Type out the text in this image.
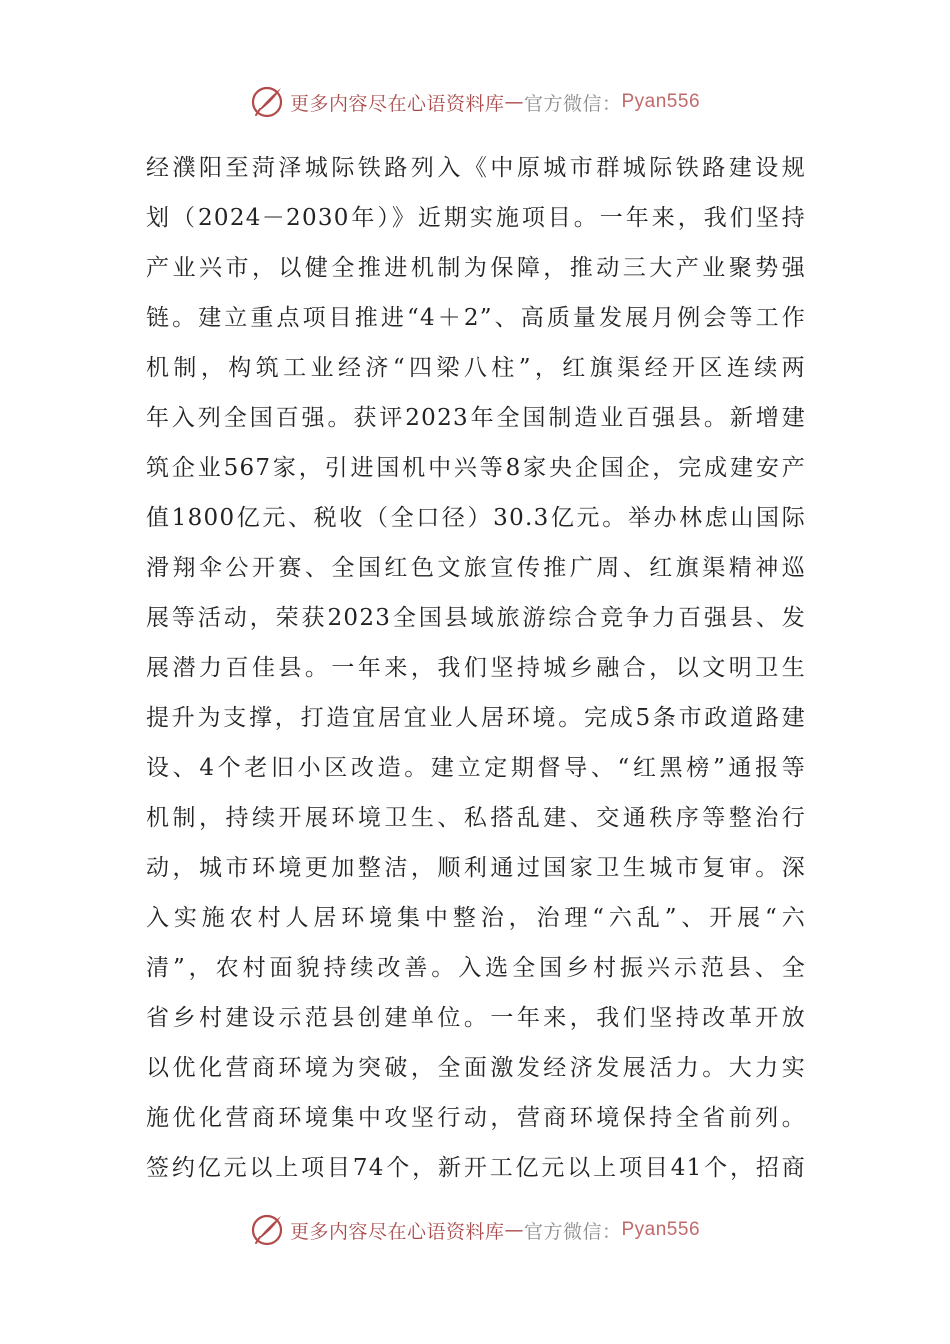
更多内容尽在心语资料库 — 官方微信： Pyan556
经濮阳至菏泽城际铁路列入《中原城市群城际铁路建设规
划（2024－2030年）》近期实施项目。一年来，我们坚持
产业兴市，以健全推进机制为保障，推动三大产业聚势强
链。建立重点项目推进“4＋2”、高质量发展月例会等工作
机制，构筑工业经济“四梁八柱”，红旗渠经开区连续两
年入列全国百强。获评2023年全国制造业百强县。新增建
筑企业567家，引进国机中兴等8家央企国企，完成建安产
值1800亿元、税收（全口径）30.3亿元。举办林虑山国际
滑翔伞公开赛、全国红色文旅宣传推广周、红旗渠精神巡
展等活动，荣获2023全国县域旅游综合竞争力百强县、发
展潜力百佳县。一年来，我们坚持城乡融合，以文明卫生
提升为支撑，打造宜居宜业人居环境。完成5条市政道路建
设、4个老旧小区改造。建立定期督导、“红黑榜”通报等
机制，持续开展环境卫生、私搭乱建、交通秩序等整治行
动，城市环境更加整洁，顺利通过国家卫生城市复审。深
入实施农村人居环境集中整治，治理“六乱”、开展“六
清”，农村面貌持续改善。入选全国乡村振兴示范县、全
省乡村建设示范县创建单位。一年来，我们坚持改革开放
以优化营商环境为突破，全面激发经济发展活力。大力实
施优化营商环境集中攻坚行动，营商环境保持全省前列。
签约亿元以上项目74个，新开工亿元以上项目41个，招商
更多内容尽在心语资料库 — 官方微信： Pyan556
